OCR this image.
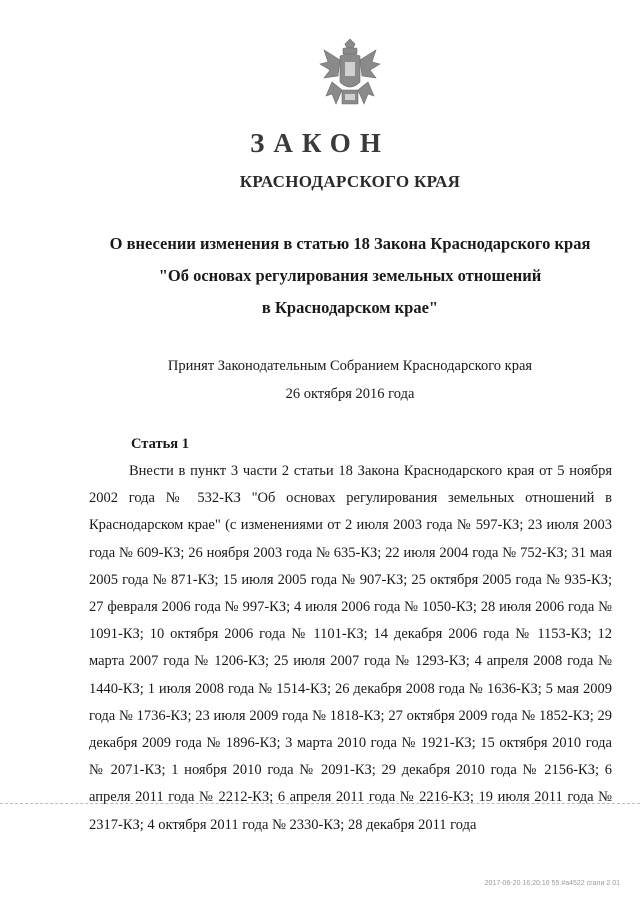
ЗАКОН
КРАСНОДАРСКОГО КРАЯ
О внесении изменения в статью 18 Закона Краснодарского края
"Об основах регулирования земельных отношений
в Краснодарском крае"
Принят Законодательным Собранием Краснодарского края
26 октября 2016 года
Статья 1
Внести в пункт 3 части 2 статьи 18 Закона Краснодарского края от 5 ноября 2002 года № 532-КЗ "Об основах регулирования земельных отношений в Краснодарском крае" (с изменениями от 2 июля 2003 года № 597-КЗ; 23 июля 2003 года № 609-КЗ; 26 ноября 2003 года № 635-КЗ; 22 июля 2004 года № 752-КЗ; 31 мая 2005 года № 871-КЗ; 15 июля 2005 года № 907-КЗ; 25 октября 2005 года № 935-КЗ; 27 февраля 2006 года № 997-КЗ; 4 июля 2006 года № 1050-КЗ; 28 июля 2006 года № 1091-КЗ; 10 октября 2006 года № 1101-КЗ; 14 декабря 2006 года № 1153-КЗ; 12 марта 2007 года № 1206-КЗ; 25 июля 2007 года № 1293-КЗ; 4 апреля 2008 года № 1440-КЗ; 1 июля 2008 года № 1514-КЗ; 26 декабря 2008 года № 1636-КЗ; 5 мая 2009 года № 1736-КЗ; 23 июля 2009 года № 1818-КЗ; 27 октября 2009 года № 1852-КЗ; 29 декабря 2009 года № 1896-КЗ; 3 марта 2010 года № 1921-КЗ; 15 октября 2010 года № 2071-КЗ; 1 ноября 2010 года № 2091-КЗ; 29 декабря 2010 года № 2156-КЗ; 6 апреля 2011 года № 2212-КЗ; 6 апреля 2011 года № 2216-КЗ; 19 июля 2011 года № 2317-КЗ; 4 октября 2011 года № 2330-КЗ; 28 декабря 2011 года
2017-06-20 16:20:16 55 #a4522 сгали 2 01
